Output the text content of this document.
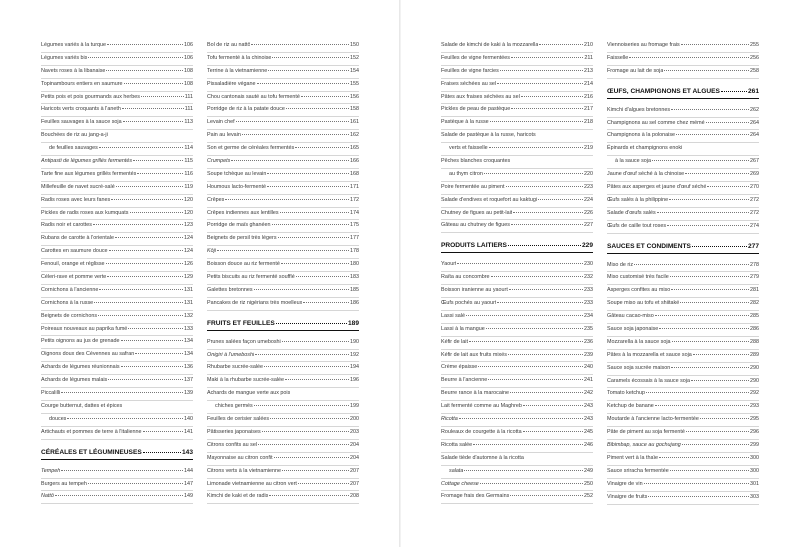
Légumes variés à la turque	106
Légumes variés bis	106
Navets roses à la libanaise	108
Topinambours entiers en saumure	108
Petits pois et pois gourmands aux herbes	111
Haricots verts croquants à l'aneth	111
Feuilles sauvages à la sauce soja	113
Bouchées de riz au jang-a-ji
de feuilles sauvages	114
Antipasti de légumes grillés fermentés	115
Tarte fine aux légumes grillés fermentés	116
Millefeuille de navet sucré-salé	119
Radis roses avec leurs fanes	120
Pickles de radis roses aux kumquats	120
Radis noir et carottes	123
Rubans de carotte à l'orientale	124
Carottes en saumure douce	124
Fenouil, orange et réglisse	126
Céleri-rave et pomme verte	129
Cornichons à l'ancienne	131
Cornichons à la russe	131
Beignets de cornichons	132
Poireaux nouveaux au paprika fumé	133
Petits oignons au jus de grenade	134
Oignons doux des Cévennes au safran	134
Achards de légumes réunionnais	136
Achards de légumes malais	137
Piccalilli	139
Courge butternut, dattes et épices
douces	140
Artichauts et pommes de terre à l'italienne	141
CÉRÉALES ET LÉGUMINEUSES	143
Tempeh	144
Burgers au tempeh	147
Nattō	149
Bol de riz au nattō	150
Tofu fermenté à la chinoise	152
Terrine à la vietnamienne	154
Pissaladière végane	155
Chou cantonais sauté au tofu fermenté	156
Porridge de riz à la patate douce	158
Levain chef	161
Pain au levain	162
Son et germe de céréales fermentés	165
Crumpets	166
Soupe tchèque au levain	168
Houmous lacto-fermenté	171
Crêpes	172
Crêpes indiennes aux lentilles	174
Porridge de maïs ghanéen	175
Beignets de persil très légers	177
Kōji	178
Boisson douce au riz fermenté	180
Petits biscuits au riz fermenté soufflé	183
Galettes bretonnes	185
Pancakes de riz nigérians très moelleux	186
FRUITS ET FEUILLES	189
Prunes salées façon umeboshi	190
Onigiri à l'umeboshi	192
Rhubarbe sucrée-salée	194
Maki à la rhubarbe sucrée-salée	196
Achards de mangue verte aux pois
chiches germés	199
Feuilles de cerisier salées	200
Pâtisseries japonaises	203
Citrons confits au sel	204
Mayonnaise au citron confit	204
Citrons verts à la vietnamienne	207
Limonade vietnamienne au citron vert	207
Kimchi de kaki et de radis	208
Salade de kimchi de kaki à la mozzarella	210
Feuilles de vigne fermentées	211
Feuilles de vigne farcies	213
Fraises séchées au sel	214
Pâtes aux fraises séchées au sel	216
Pickles de peau de pastèque	217
Pastèque à la russe	218
Salade de pastèque à la russe, haricots
verts et faisselle	219
Pêches blanches croquantes
au thym citron	220
Poire fermentée au piment	223
Salade d'endives et roquefort au kaktugi	224
Chutney de figues au petit-lait	226
Gâteau au chutney de figues	227
PRODUITS LAITIERS	229
Yaourt	230
Raïta au concombre	232
Boisson iranienne au yaourt	233
Œufs pochés au yaourt	233
Lassi salé	234
Lassi à la mangue	235
Kéfir de lait	236
Kéfir de lait aux fruits mixés	239
Crème épaisse	240
Beurre à l'ancienne	241
Beurre rance à la marocaine	242
Lait fermenté comme au Maghreb	243
Ricotta	243
Rouleaux de courgette à la ricotta	245
Ricotta salée	246
Salade tiède d'automne à la ricotta
salata	249
Cottage cheese	250
Fromage frais des Germains	252
Viennoiseries au fromage frais	255
Faisselle	256
Fromage au lait de soja	258
ŒUFS, CHAMPIGNONS ET ALGUES	261
Kimchi d'algues bretonnes	262
Champignons au sel comme chez mémé	264
Champignons à la polonaise	264
Épinards et champignons enoki
à la sauce soja	267
Jaune d'œuf séché à la chinoise	269
Pâtes aux asperges et jaune d'œuf séché	270
Œufs salés à la philippine	272
Salade d'œufs salés	272
Œufs de caille tout roses	274
SAUCES ET CONDIMENTS	277
Miso de riz	278
Miso customisé très facile	279
Asperges confites au miso	281
Soupe miso au tofu et shiitaké	282
Gâteau cacao-miso	285
Sauce soja japonaise	286
Mozzarella à la sauce soja	288
Pâtes à la mozzarella et sauce soja	289
Sauce soja sucrée maison	290
Caramels écossais à la sauce soja	290
Tomato ketchup	292
Ketchup de banane	293
Moutarde à l'ancienne lacto-fermentée	295
Pâte de piment au soja fermenté	296
Bibimbap, sauce au gochujang	299
Piment vert à la thaïe	300
Sauce sriracha fermentée	300
Vinaigre de vin	301
Vinaigre de fruits	303
